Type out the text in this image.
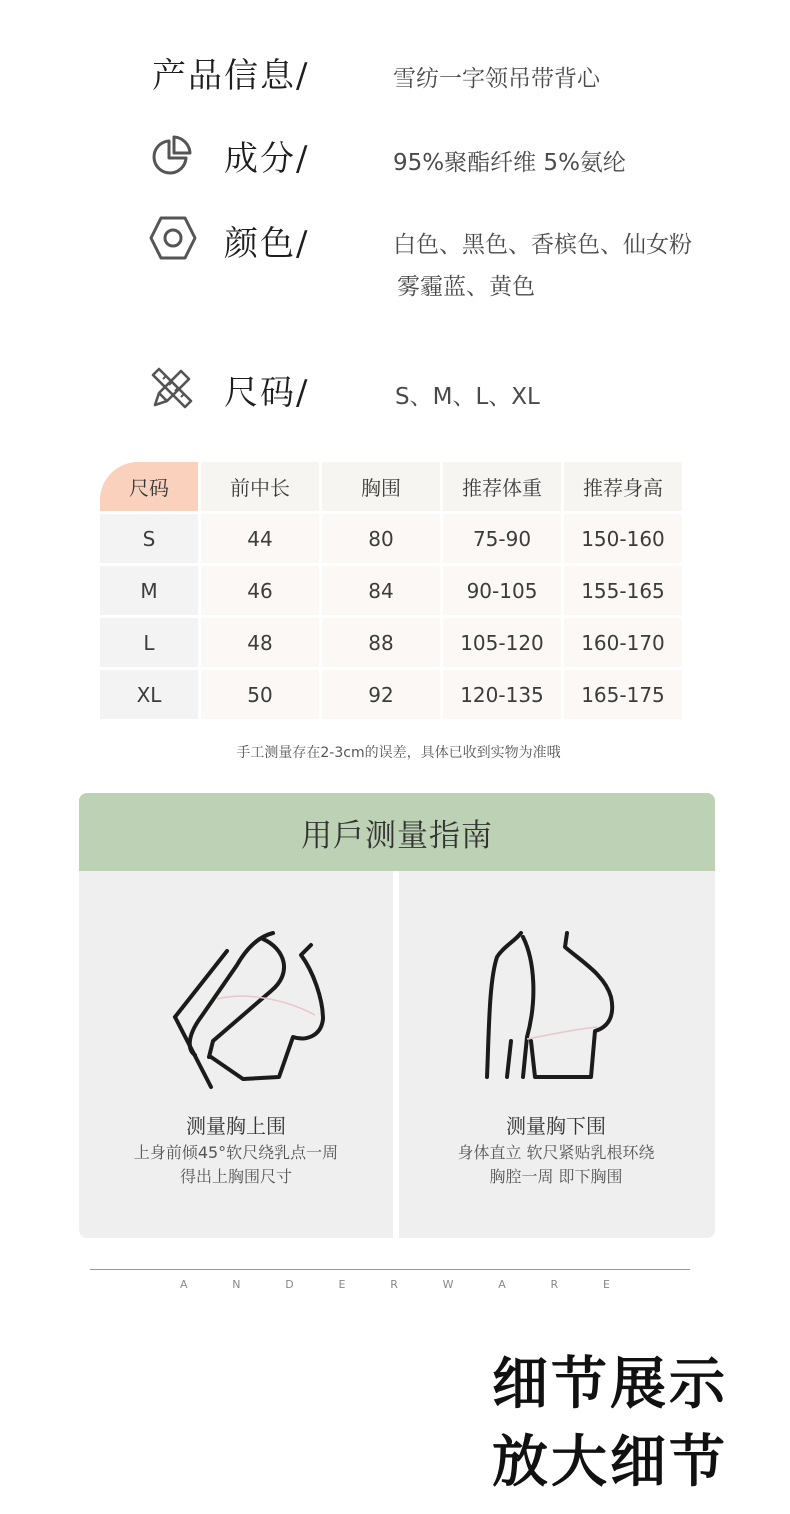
产品信息/	雪纺一字领吊带背心
成分/	95%聚酯纤维 5%氨纶
颜色/	白色、黑色、香槟色、仙女粉
雾霾蓝、黄色
尺码/	S、M、L、XL
尺码	前中长	胸围	推荐体重	推荐身高
S	44	80	75-90	150-160
M	46	84	90-105	155-165
L	48	88	105-120	160-170
XL	50	92	120-135	165-175
手工测量存在2-3cm的误差，具体已收到实物为准哦
用戶测量指南
测量胸上围
上身前倾45°软尺绕乳点一周
得出上胸围尺寸
测量胸下围
身体直立 软尺紧贴乳根环绕
胸腔一周 即下胸围
A	N	D	E	R	W	A	R	E
细节展示
放大细节
